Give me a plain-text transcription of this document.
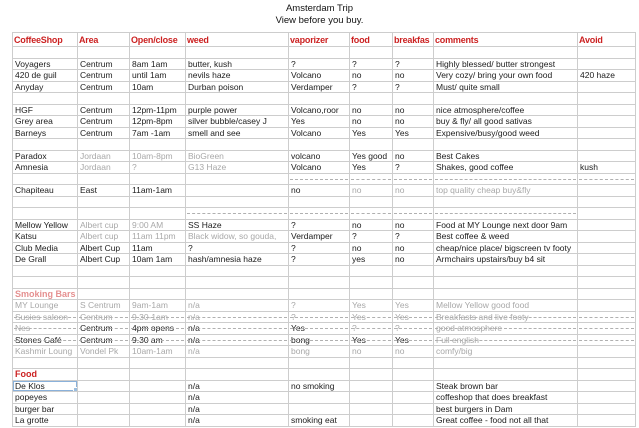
Amsterdam Trip
View before you buy.
CoffeeShop	Area	Open/close	weed	vaporizer	food	breakfas	comments	Avoid

Voyagers	Centrum	8am 1am	butter, kush	?	?	?	Highly blessed/ butter strongest	
420 de guil	Centrum	until 1am	nevils haze	Volcano	no	no	Very cozy/ bring your own food	420 haze
Anyday	Centrum	10am	Durban poison	Verdamper	?	?	Must/ quite small	

HGF	Centrum	12pm-11pm	purple power	Volcano,roor	no	no	nice atmosphere/coffee	
Grey area	Centrum	12pm-8pm	silver bubble/casey J	Yes	no	no	buy & fly/ all good sativas	
Barneys	Centrum	7am -1am	smell and see	Volcano	Yes	Yes	Expensive/busy/good weed	

Paradox	Jordaan	10am-8pm	BioGreen	volcano	Yes good	no	Best Cakes	
Amnesia	Jordaan	?	G13 Haze	Volcano	Yes	?	Shakes, good coffee	kush

Chapiteau	East	11am-1am		no	no	no	top quality cheap buy&fly	

Mellow Yellow	Albert cup	9:00 AM	SS Haze	?	no	no	Food at MY Lounge next door 9am	
Katsu	Albert cup	11am 11pm	Black widow, so gouda,	Verdamper	?	?	Best coffee & weed	
Club Media	Albert Cup	11am	?	?	no	no	cheap/nice place/ bigscreen tv footy	
De Grall	Albert Cup	10am 1am	hash/amnesia haze	?	yes	no	Armchairs upstairs/buy b4 sit	

Smoking Bars								
MY Lounge	S Centrum	9am-1am	n/a	?	Yes	Yes	Mellow Yellow good food	
Susies saloon	Centrum	9.30-1am	n/a	?	Yes	Yes	Breakfasts and live footy	
Nes	Centrum	4pm opens	n/a	Yes	?	?	good atmosphere	
Stones Café	Centrum	9.30 am	n/a	bong	Yes	Yes	Full english	
Kashmir Loung	Vondel Pk	10am-1am	n/a	bong	no	no	comfy/big	

Food								
De Klos			n/a	no smoking			Steak brown bar	
popeyes			n/a				coffeshop that does breakfast	
burger bar			n/a				best burgers in Dam	
La grotte			n/a	smoking eat			Great coffee - food not all that	
